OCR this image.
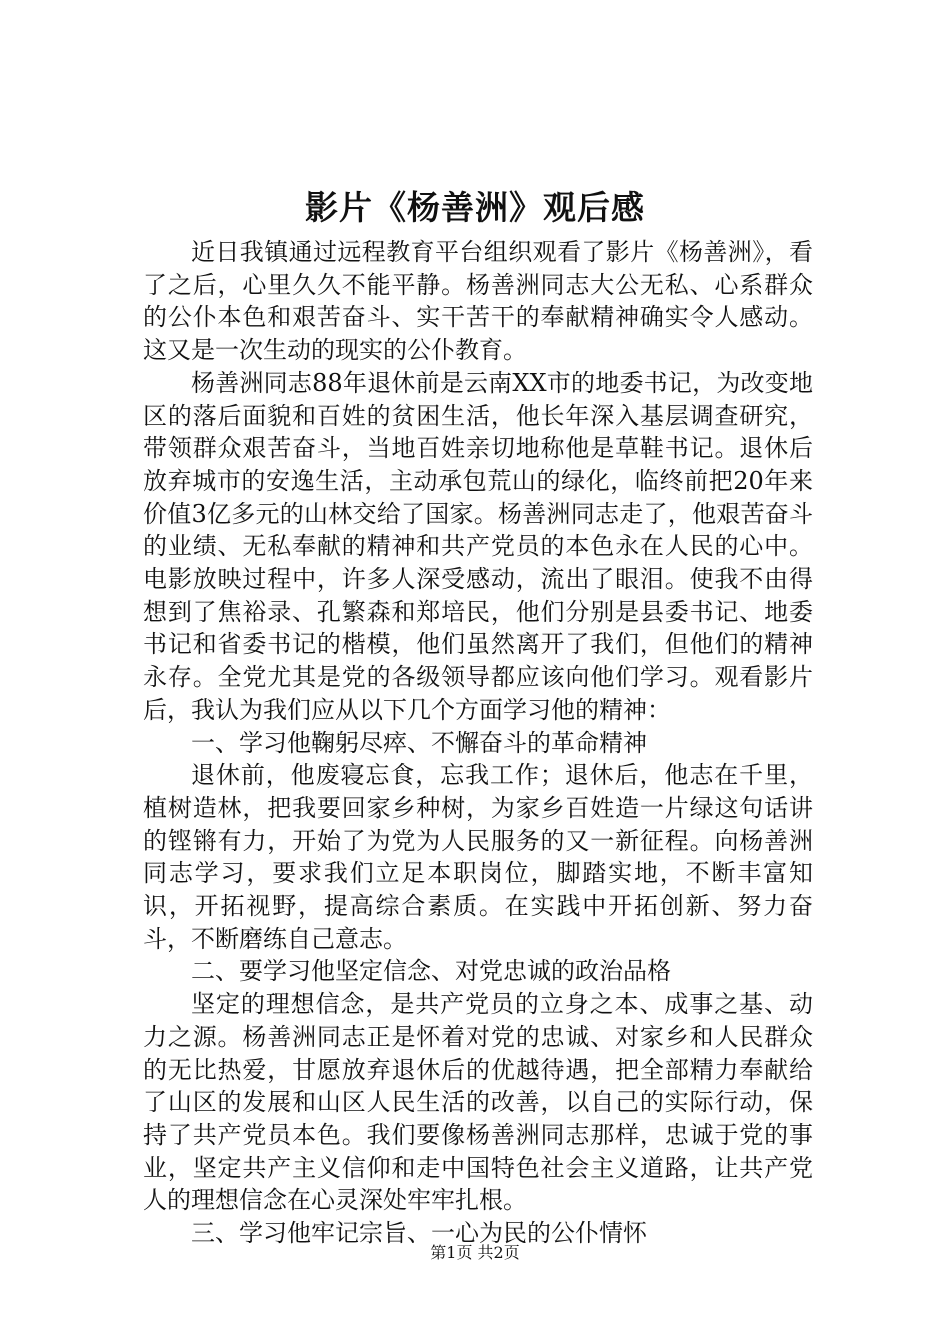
影片《杨善洲》观后感

近日我镇通过远程教育平台组织观看了影片《杨善洲》，看了之后，心里久久不能平静。杨善洲同志大公无私、心系群众的公仆本色和艰苦奋斗、实干苦干的奉献精神确实令人感动。这又是一次生动的现实的公仆教育。

杨善洲同志88年退休前是云南XX市的地委书记，为改变地区的落后面貌和百姓的贫困生活，他长年深入基层调查研究，带领群众艰苦奋斗，当地百姓亲切地称他是草鞋书记。退休后放弃城市的安逸生活，主动承包荒山的绿化，临终前把20年来价值3亿多元的山林交给了国家。杨善洲同志走了，他艰苦奋斗的业绩、无私奉献的精神和共产党员的本色永在人民的心中。电影放映过程中，许多人深受感动，流出了眼泪。使我不由得想到了焦裕录、孔繁森和郑培民，他们分别是县委书记、地委书记和省委书记的楷模，他们虽然离开了我们，但他们的精神永存。全党尤其是党的各级领导都应该向他们学习。观看影片后，我认为我们应从以下几个方面学习他的精神：

一、学习他鞠躬尽瘁、不懈奋斗的革命精神

退休前，他废寝忘食，忘我工作；退休后，他志在千里，植树造林，把我要回家乡种树，为家乡百姓造一片绿这句话讲的铿锵有力，开始了为党为人民服务的又一新征程。向杨善洲同志学习，要求我们立足本职岗位，脚踏实地，不断丰富知识，开拓视野，提高综合素质。在实践中开拓创新、努力奋斗，不断磨练自己意志。

二、要学习他坚定信念、对党忠诚的政治品格

坚定的理想信念，是共产党员的立身之本、成事之基、动力之源。杨善洲同志正是怀着对党的忠诚、对家乡和人民群众的无比热爱，甘愿放弃退休后的优越待遇，把全部精力奉献给了山区的发展和山区人民生活的改善，以自己的实际行动，保持了共产党员本色。我们要像杨善洲同志那样，忠诚于党的事业，坚定共产主义信仰和走中国特色社会主义道路，让共产党人的理想信念在心灵深处牢牢扎根。

三、学习他牢记宗旨、一心为民的公仆情怀

第1页 共2页
